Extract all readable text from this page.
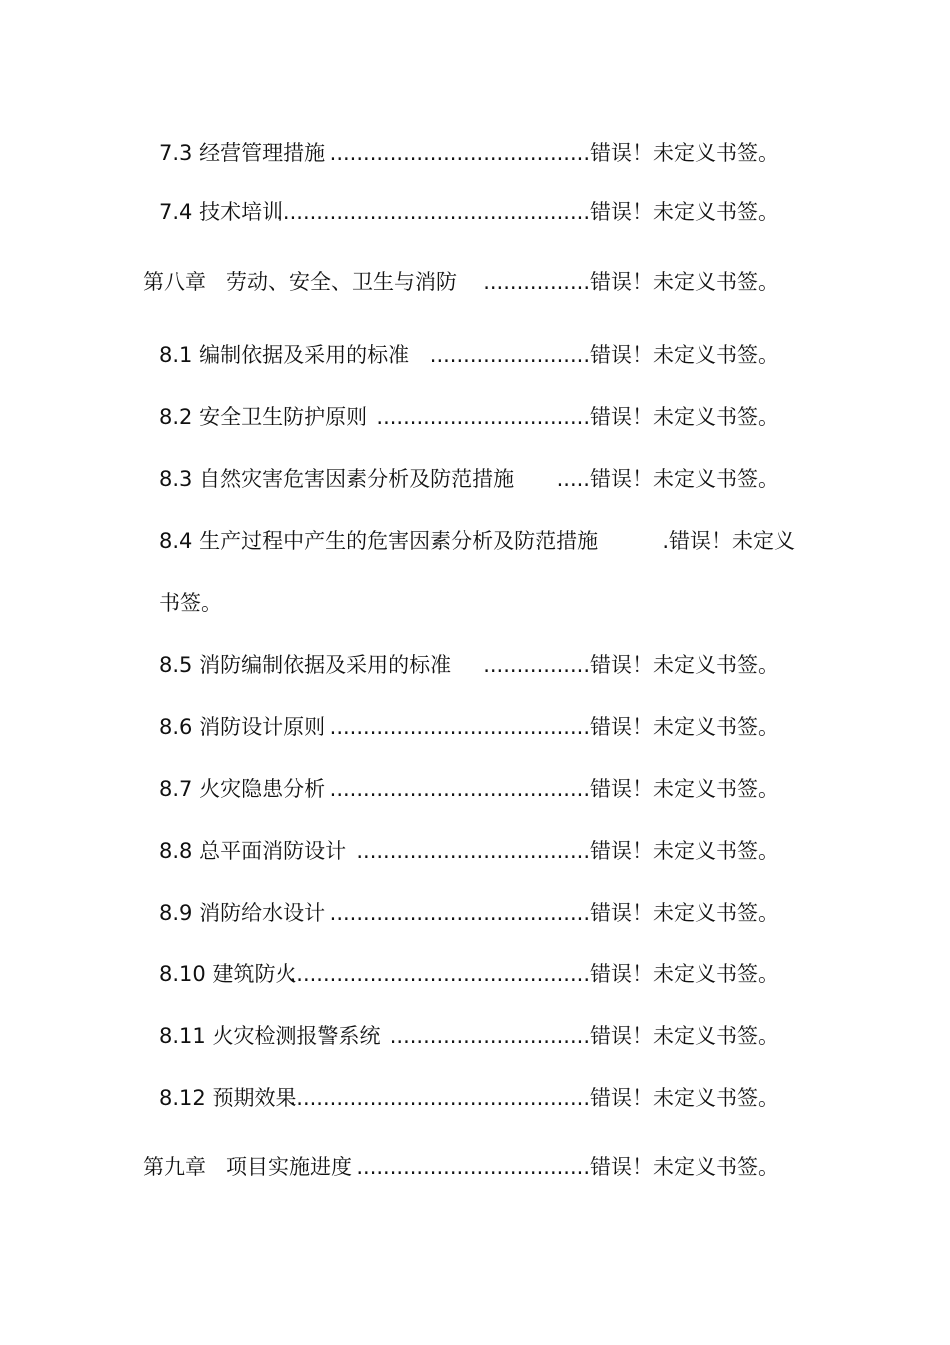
7.3 经营管理措施 .......................................错误！未定义书签。
7.4 技术培训
...............................................错误！未定义书签。
第八章 劳动、安全、卫生与消防 ................错误！未定义书签。
8.1 编制依据及采用的标准 ........................错误！未定义书签。
8.2 安全卫生防护原则 ................................错误！未定义书签。
8.3 自然灾害危害因素分析及防范措施 .....错误！未定义书签。
8.4 生产过程中产生的危害因素分析及防范措施	.错误！未定义
书签。
8.5 消防编制依据及采用的标准 ................错误！未定义书签。
8.6 消防设计原则 .......................................错误！未定义书签。
8.7 火灾隐患分析 .......................................错误！未定义书签。
8.8 总平面消防设计 ...................................错误！未定义书签。
8.9 消防给水设计 .......................................错误！未定义书签。
8.10 建筑防火
.............................................错误！未定义书签。
8.11 火灾检测报警系统 ..............................错误！未定义书签。
8.12 预期效果
.............................................错误！未定义书签。
第九章 项目实施进度 ...................................错误！未定义书签。
